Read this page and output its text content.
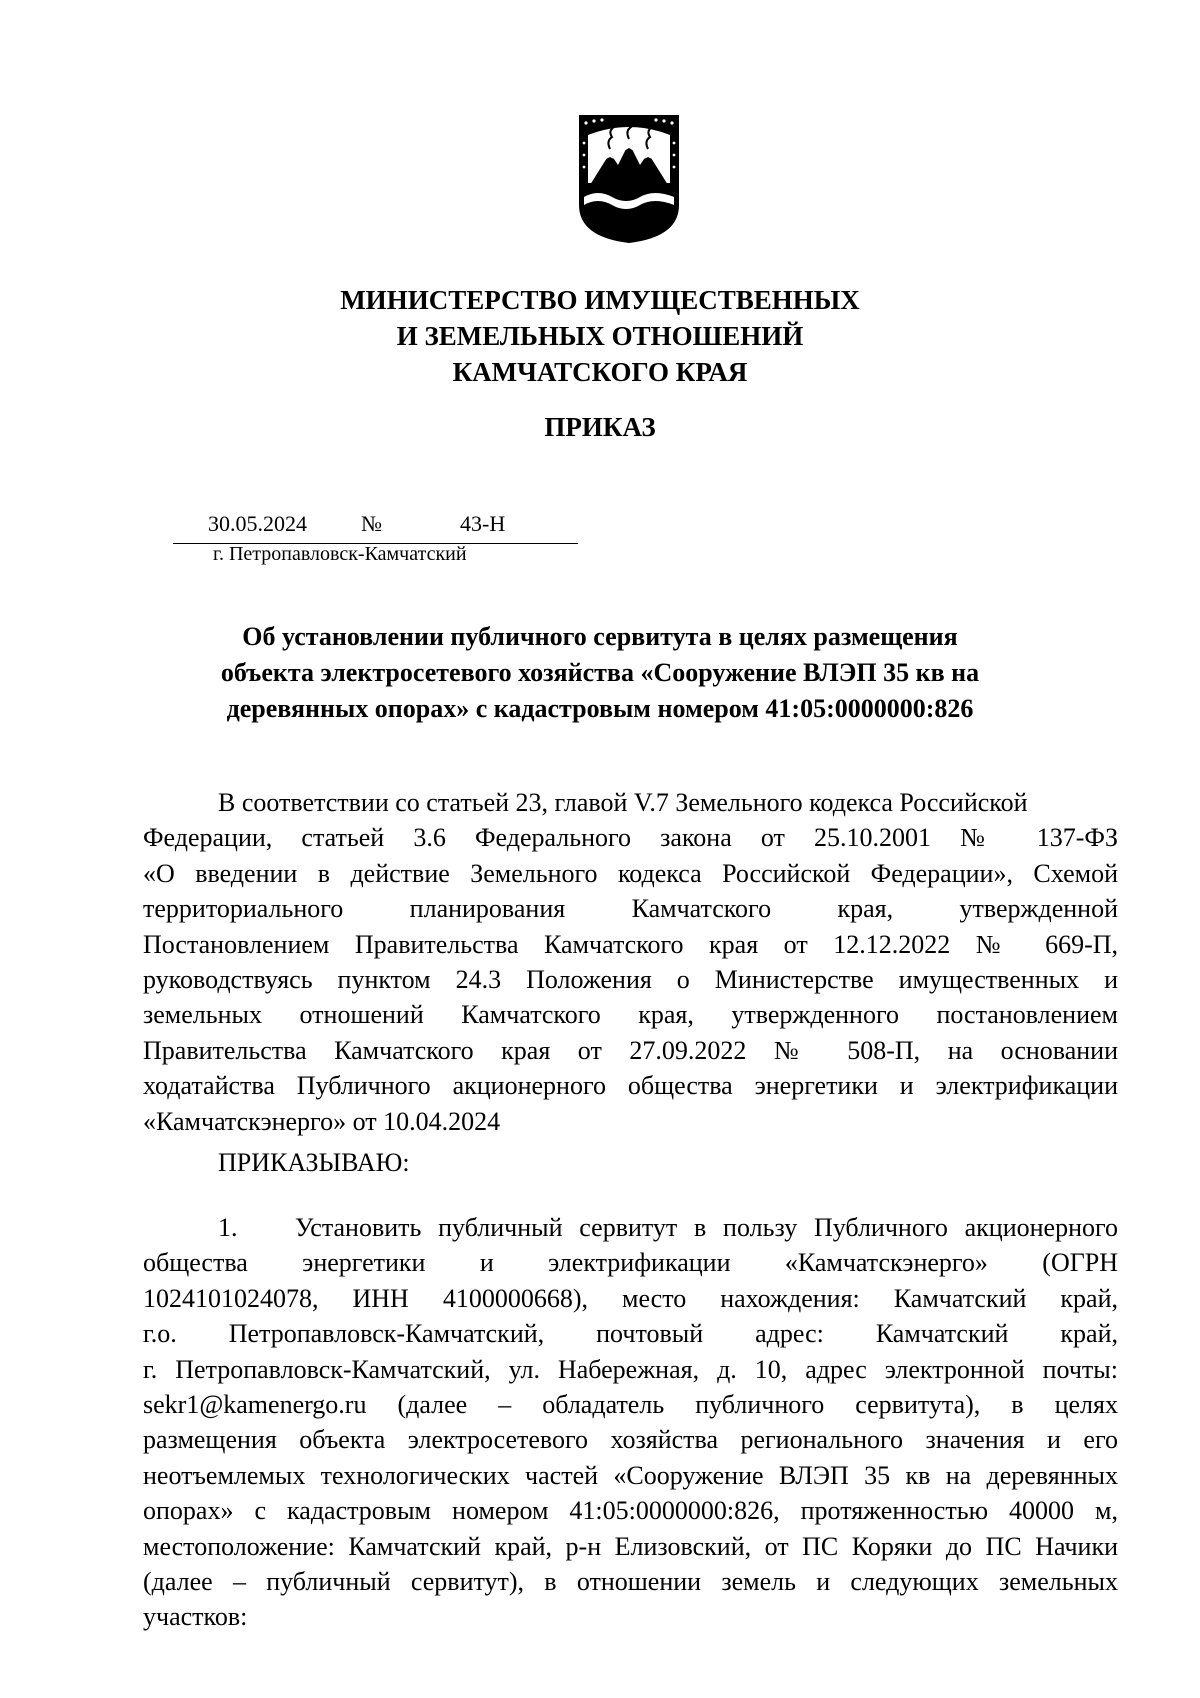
МИНИСТЕРСТВО ИМУЩЕСТВЕННЫХ
И ЗЕМЕЛЬНЫХ ОТНОШЕНИЙ
КАМЧАТСКОГО КРАЯ
ПРИКАЗ
30.05.2024 №	43-Н
г. Петропавловск-Камчатский
Об установлении публичного сервитута в целях размещения
объекта электросетевого хозяйства «Сооружение ВЛЭП 35 кв на
деревянных опорах» с кадастровым номером 41:05:0000000:826
В соответствии со статьей 23, главой V.7 Земельного кодекса Российской
Федерации, статьей 3.6 Федерального закона от 25.10.2001 № 137-ФЗ
«О введении в действие Земельного кодекса Российской Федерации», Схемой
территориального планирования Камчатского края, утвержденной
Постановлением Правительства Камчатского края от 12.12.2022 № 669-П,
руководствуясь пунктом 24.3 Положения о Министерстве имущественных и
земельных отношений Камчатского края, утвержденного постановлением
Правительства Камчатского края от 27.09.2022 № 508-П, на основании
ходатайства Публичного акционерного общества энергетики и электрификации
«Камчатскэнерго» от 10.04.2024
ПРИКАЗЫВАЮ:
1. Установить публичный сервитут в пользу Публичного акционерного
общества энергетики и электрификации «Камчатскэнерго» (ОГРН
1024101024078, ИНН 4100000668), место нахождения: Камчатский край,
г.о. Петропавловск-Камчатский, почтовый адрес: Камчатский край,
г. Петропавловск-Камчатский, ул. Набережная, д. 10, адрес электронной почты:
sekr1@kamenergo.ru (далее – обладатель публичного сервитута), в целях
размещения объекта электросетевого хозяйства регионального значения и его
неотъемлемых технологических частей «Сооружение ВЛЭП 35 кв на деревянных
опорах» с кадастровым номером 41:05:0000000:826, протяженностью 40000 м,
местоположение: Камчатский край, р-н Елизовский, от ПС Коряки до ПС Начики
(далее – публичный сервитут), в отношении земель и следующих земельных
участков:
